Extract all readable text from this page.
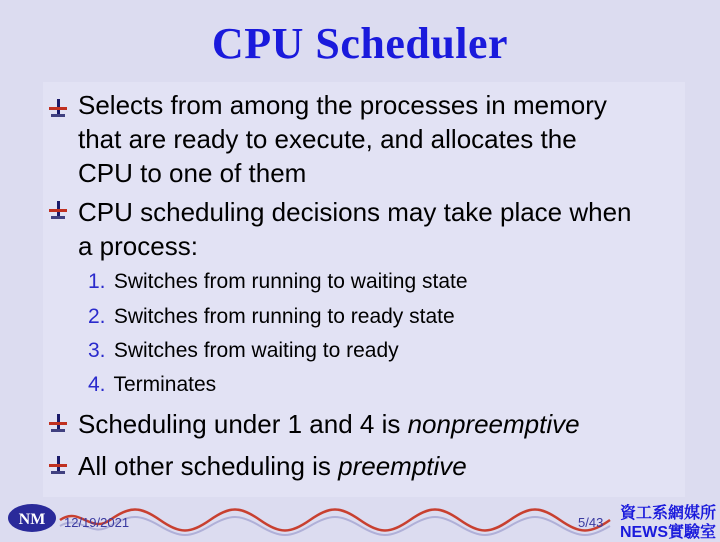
CPU Scheduler
Selects from among the processes in memory
that are ready to execute, and allocates the
CPU to one of them
CPU scheduling decisions may take place when
a process:
1. Switches from running to waiting state
2. Switches from running to ready state
3. Switches from waiting to ready
4. Terminates
Scheduling under 1 and 4 is nonpreemptive
All other scheduling is preemptive
NM 12/19/2021	5/43
資工系網媒所
NEWS實驗室
